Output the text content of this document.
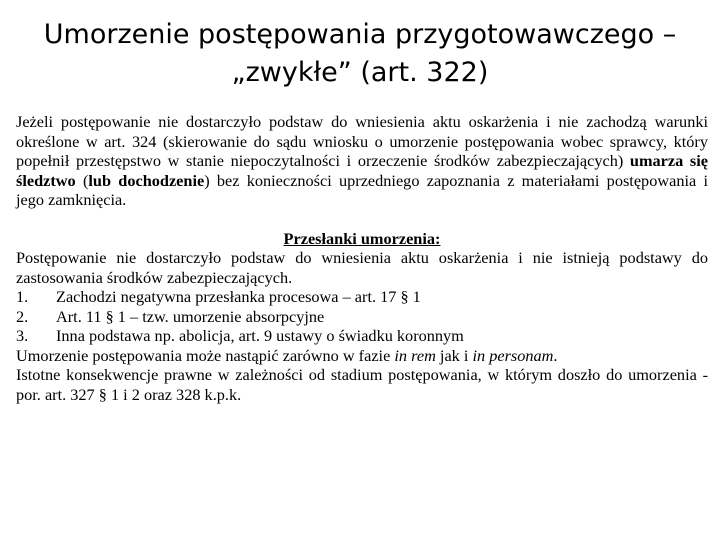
Umorzenie postępowania przygotowawczego –
„zwykłe” (art. 322)

Jeżeli postępowanie nie dostarczyło podstaw do wniesienia aktu oskarżenia i nie zachodzą warunki określone w art. 324 (skierowanie do sądu wniosku o umorzenie postępowania wobec sprawcy, który popełnił przestępstwo w stanie niepoczytalności i orzeczenie środków zabezpieczających) umarza się śledztwo (lub dochodzenie) bez konieczności uprzedniego zapoznania z materiałami postępowania i jego zamknięcia.

Przesłanki umorzenia:

Postępowanie nie dostarczyło podstaw do wniesienia aktu oskarżenia i nie istnieją podstawy do zastosowania środków zabezpieczających.

1.	Zachodzi negatywna przesłanka procesowa – art. 17 § 1
2.	Art. 11 § 1 – tzw. umorzenie absorpcyjne
3.	Inna podstawa np. abolicja, art. 9 ustawy o świadku koronnym

Umorzenie postępowania może nastąpić zarówno w fazie in rem jak i in personam.

Istotne konsekwencje prawne w zależności od stadium postępowania, w którym doszło do umorzenia - por. art. 327 § 1 i 2 oraz 328 k.p.k.
